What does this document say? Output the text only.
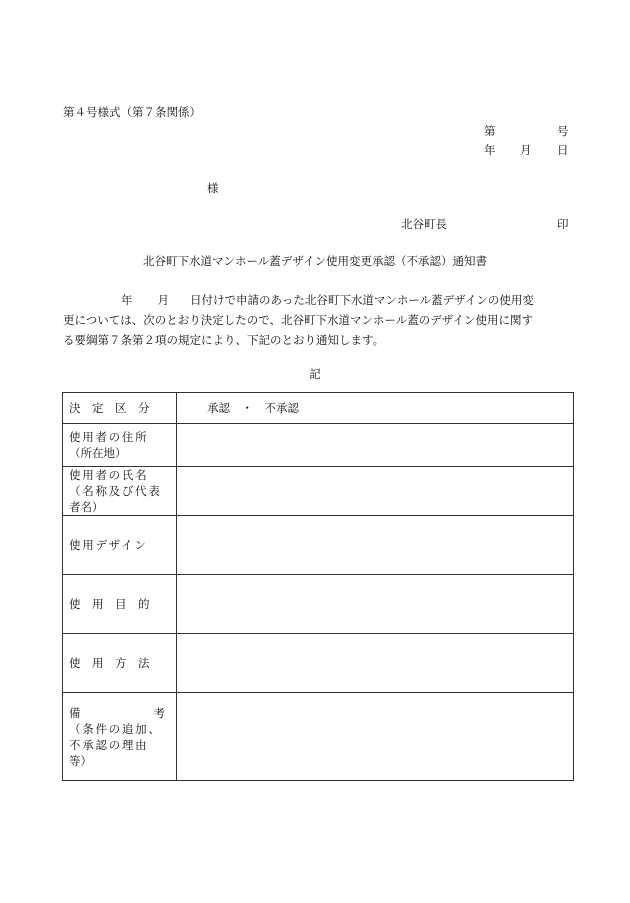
第４号様式（第７条関係）
第	号
年 月 日
様
北谷町長	印
北谷町下水道マンホール蓋デザイン使用変更承認（不承認）通知書
年 月 日付けで申請のあった北谷町下水道マンホール蓋デザインの使用変
更については、次のとおり決定したので、北谷町下水道マンホール蓋のデザイン使用に関す
る要綱第７条第２項の規定により、下記のとおり通知します。
記
決　定　区　分	承認　・　不承認

使用者の住所
（所在地）	

使用者の氏名
（名称及び代表
者名）	

使用デザイン	
使　用　目　的	
使　用　方　法	

備 考
（条件の追加、
不承認の理由
等）	
